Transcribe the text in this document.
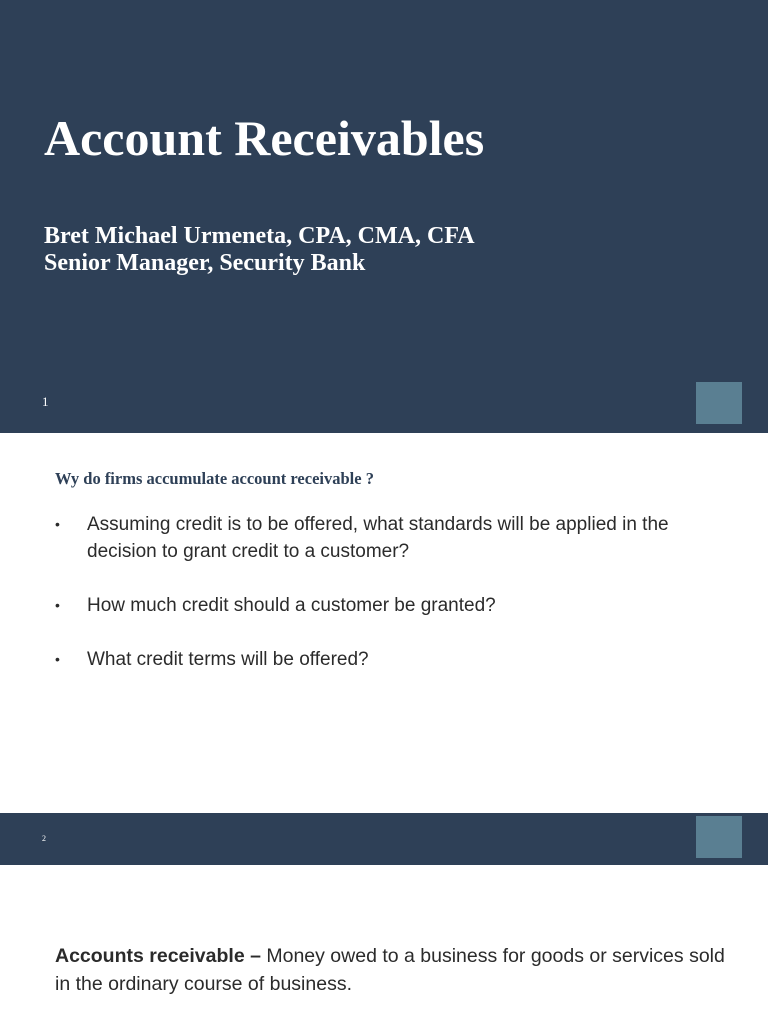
Account Receivables
Bret Michael Urmeneta, CPA, CMA, CFA
Senior Manager, Security Bank
1
Wy do firms accumulate account receivable ?
• Assuming credit is to be offered, what standards will be applied in the decision to grant credit to a customer?
• How much credit should a customer be granted?
• What credit terms will be offered?
2

Accounts receivable – Money owed to a business for goods or services sold in the ordinary course of business.
